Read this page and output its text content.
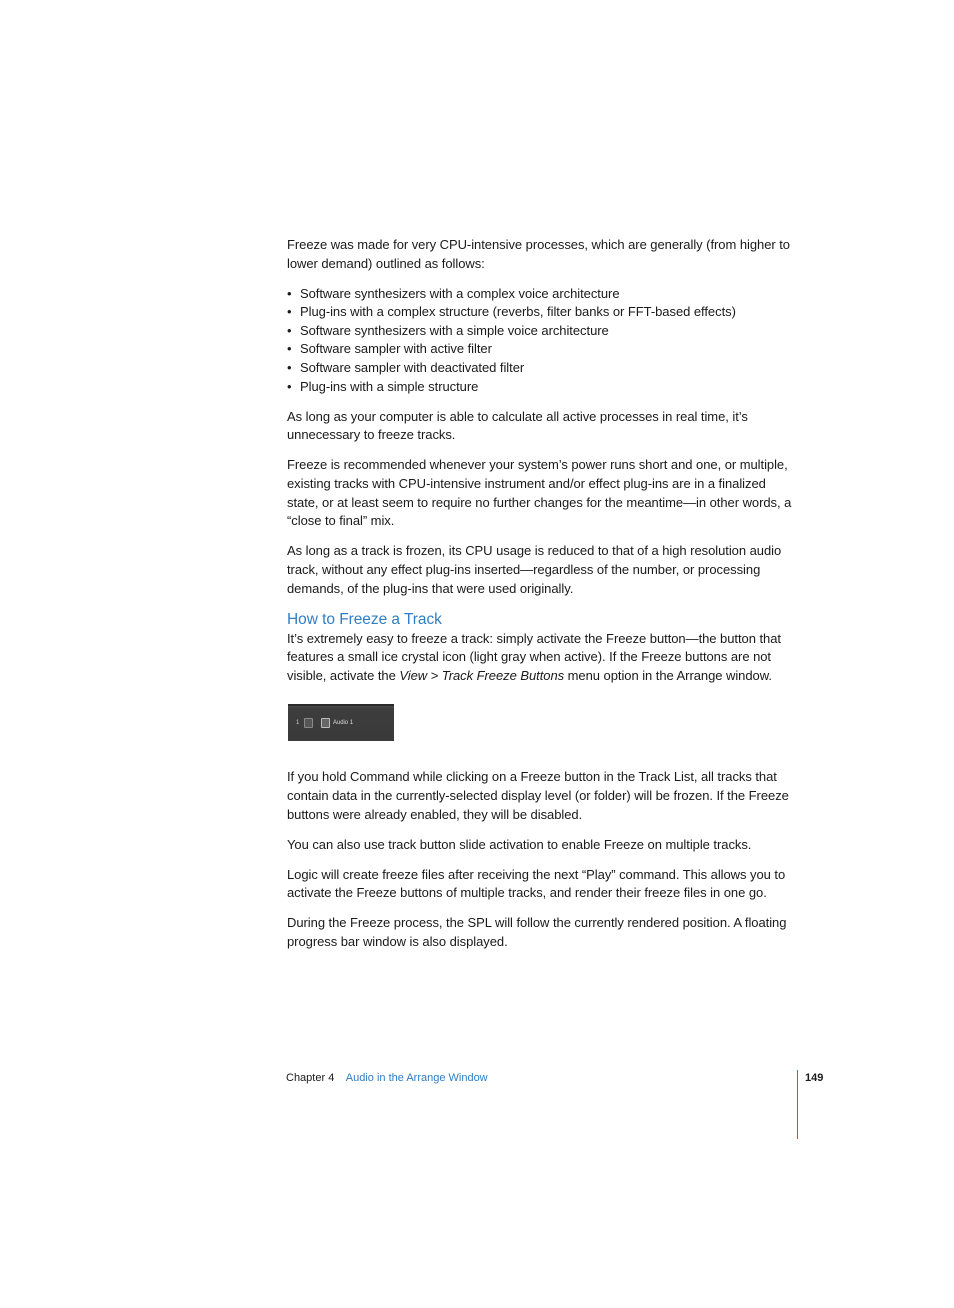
Freeze was made for very CPU-intensive processes, which are generally (from higher to lower demand) outlined as follows:

• Software synthesizers with a complex voice architecture
• Plug-ins with a complex structure (reverbs, filter banks or FFT-based effects)
• Software synthesizers with a simple voice architecture
• Software sampler with active filter
• Software sampler with deactivated filter
• Plug-ins with a simple structure

As long as your computer is able to calculate all active processes in real time, it’s unnecessary to freeze tracks.

Freeze is recommended whenever your system’s power runs short and one, or multiple, existing tracks with CPU-intensive instrument and/or effect plug-ins are in a finalized state, or at least seem to require no further changes for the meantime—in other words, a “close to final” mix.

As long as a track is frozen, its CPU usage is reduced to that of a high resolution audio track, without any effect plug-ins inserted—regardless of the number, or processing demands, of the plug-ins that were used originally.

How to Freeze a Track

It’s extremely easy to freeze a track: simply activate the Freeze button—the button that features a small ice crystal icon (light gray when active). If the Freeze buttons are not visible, activate the View > Track Freeze Buttons menu option in the Arrange window.

1	Audio 1

If you hold Command while clicking on a Freeze button in the Track List, all tracks that contain data in the currently-selected display level (or folder) will be frozen. If the Freeze buttons were already enabled, they will be disabled.

You can also use track button slide activation to enable Freeze on multiple tracks.

Logic will create freeze files after receiving the next “Play” command. This allows you to activate the Freeze buttons of multiple tracks, and render their freeze files in one go.

During the Freeze process, the SPL will follow the currently rendered position. A floating progress bar window is also displayed.

Chapter 4 Audio in the Arrange Window	149
